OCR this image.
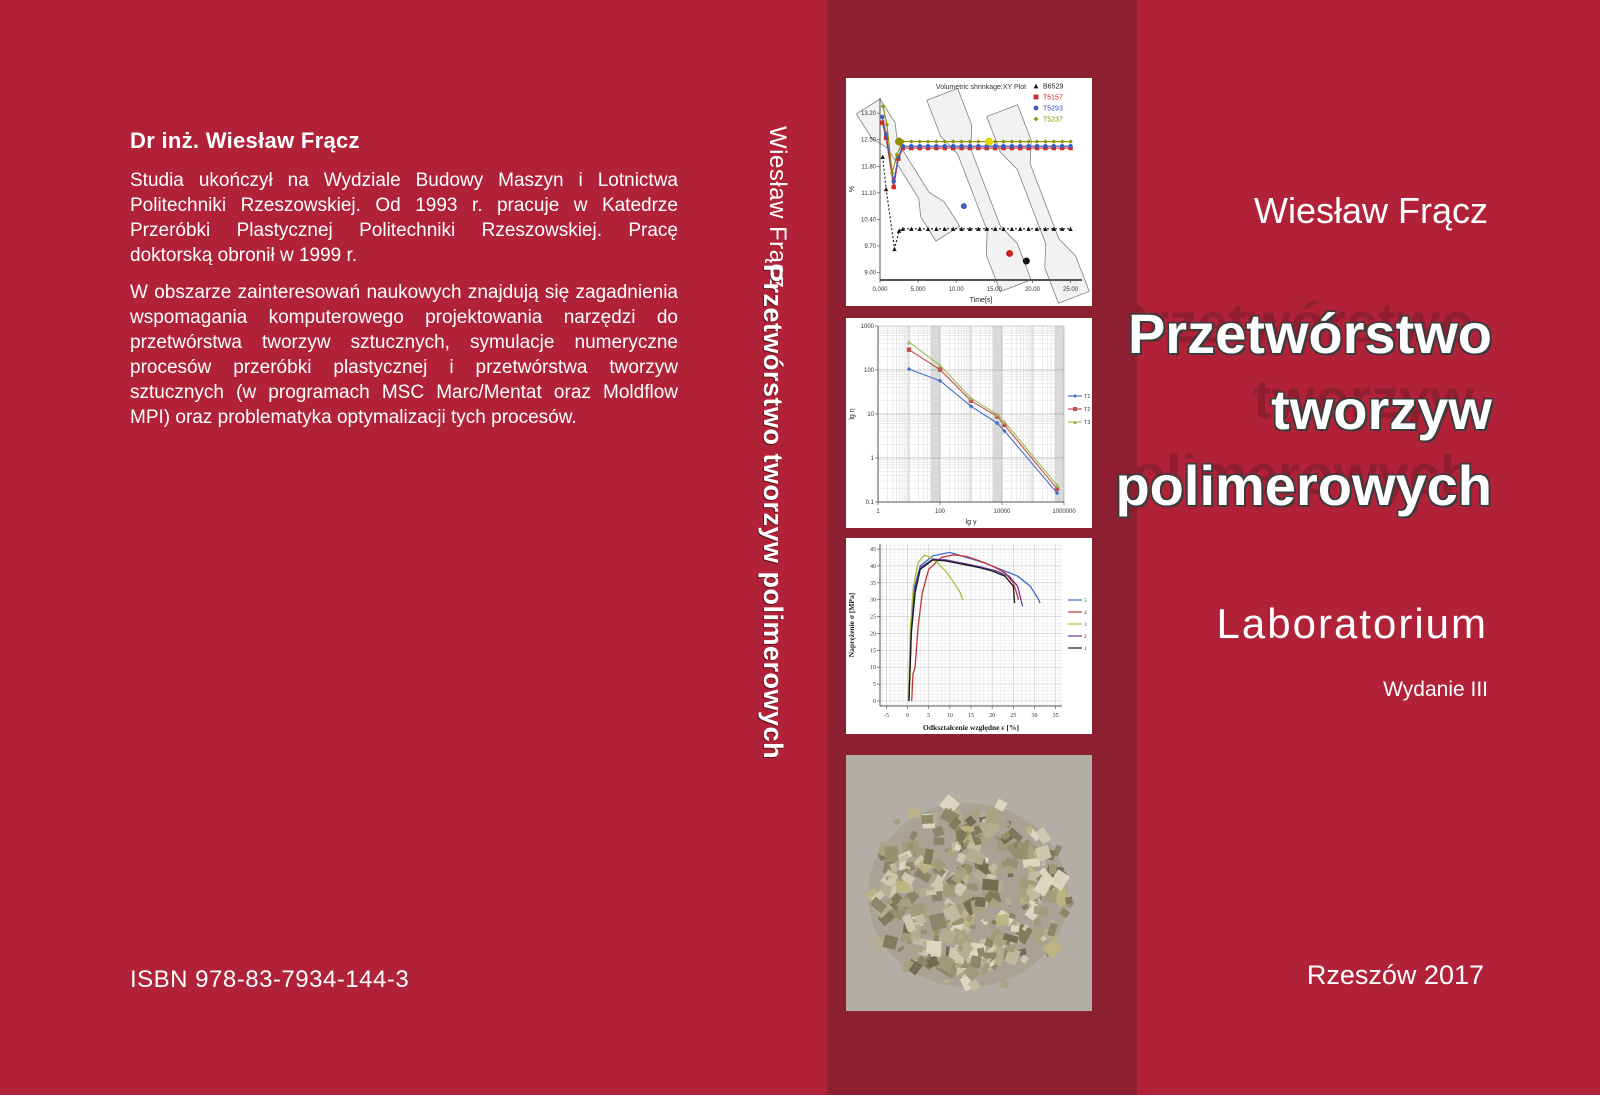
Dr inż. Wiesław Frącz

Studia ukończył na Wydziale Budowy Maszyn i Lotnictwa Politechniki Rzeszowskiej. Od 1993 r. pracuje w Katedrze Przeróbki Plastycznej Politechniki Rzeszowskiej. Pracę doktorską obronił w 1999 r.

W obszarze zainteresowań naukowych znajdują się zagadnienia wspomagania komputerowego projektowania narzędzi do przetwórstwa tworzyw sztucznych, symulacje numeryczne procesów przeróbki plastycznej i przetwórstwa tworzyw sztucznych (w programach MSC Marc/Mentat oraz Moldflow MPI) oraz problematyka optymalizacji tych procesów.

ISBN 978-83-7934-144-3
Wiesław Frącz
Przetwórstwo tworzyw polimerowych
Wiesław Frącz
Przetwórstwo
tworzyw
polimerowych
Laboratorium
Wydanie III
Rzeszów 2017
0.000	5.000	10.00	15.00	20.00	25.00
13.20
12.50
11.80
11.10
10.40
9.70
9.00
Volumetric shrinkage:XY Plot
Time[s]
%
B6529
T5157
T5293
T5237
1	100	10000	1000000
1000
100
10
1
0.1
lg γ
lg η
T1
T2
T3
-5	0	5	10	15	20	25	30	35
0
5
10
15
20
25
30
35
40
45
Odkształcenie względne ε [%]
Naprężenie σ [MPa]	5
4
3
2
1
